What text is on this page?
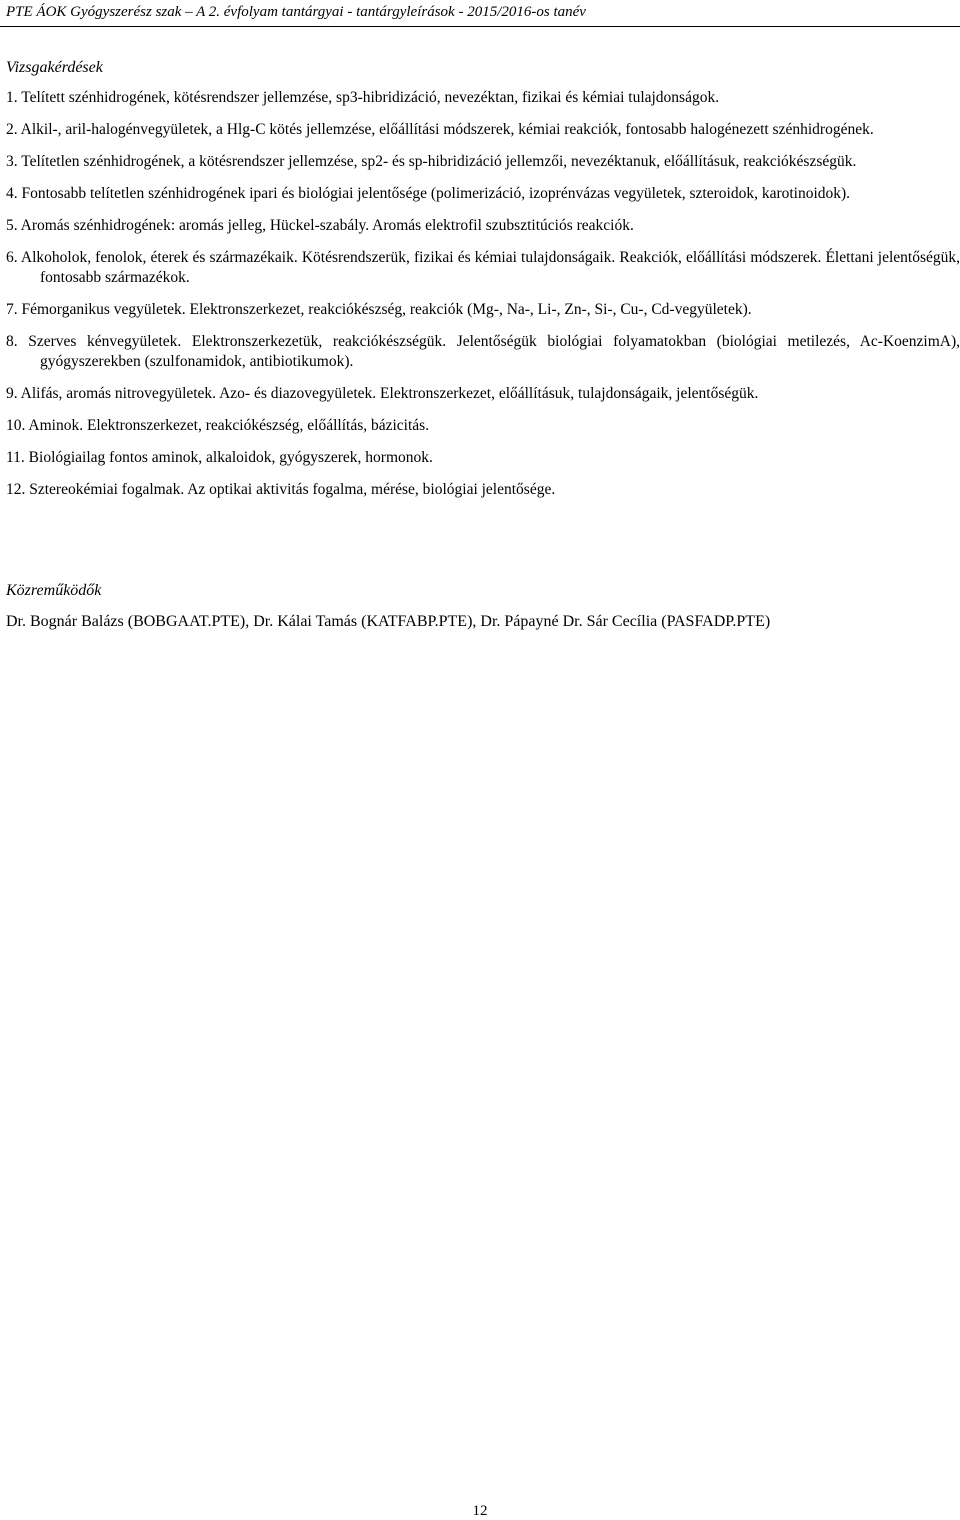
PTE ÁOK Gyógyszerész szak – A 2. évfolyam tantárgyai - tantárgyleírások - 2015/2016-os tanév
Vizsgakérdések

1. Telített szénhidrogének, kötésrendszer jellemzése, sp3-hibridizáció, nevezéktan, fizikai és kémiai tulajdonságok.

2. Alkil-, aril-halogénvegyületek, a Hlg-C kötés jellemzése, előállítási módszerek, kémiai reakciók, fontosabb halogénezett szénhidrogének.

3. Telítetlen szénhidrogének, a kötésrendszer jellemzése, sp2- és sp-hibridizáció jellemzői, nevezéktanuk, előállításuk, reakciókészségük.

4. Fontosabb telítetlen szénhidrogének ipari és biológiai jelentősége (polimerizáció, izoprénvázas vegyületek, szteroidok, karotinoidok).

5. Aromás szénhidrogének: aromás jelleg, Hückel-szabály. Aromás elektrofil szubsztitúciós reakciók.

6. Alkoholok, fenolok, éterek és származékaik. Kötésrendszerük, fizikai és kémiai tulajdonságaik. Reakciók, előállítási módszerek. Élettani jelentőségük, fontosabb származékok.

7. Fémorganikus vegyületek. Elektronszerkezet, reakciókészség, reakciók (Mg-, Na-, Li-, Zn-, Si-, Cu-, Cd-vegyületek).

8. Szerves kénvegyületek. Elektronszerkezetük, reakciókészségük. Jelentőségük biológiai folyamatokban (biológiai metilezés, Ac-KoenzimA), gyógyszerekben (szulfonamidok, antibiotikumok).

9. Alifás, aromás nitrovegyületek. Azo- és diazovegyületek. Elektronszerkezet, előállításuk, tulajdonságaik, jelentőségük.

10. Aminok. Elektronszerkezet, reakciókészség, előállítás, bázicitás.

11. Biológiailag fontos aminok, alkaloidok, gyógyszerek, hormonok.

12. Sztereokémiai fogalmak. Az optikai aktivitás fogalma, mérése, biológiai jelentősége.

Közreműködők
Dr. Bognár Balázs (BOBGAAT.PTE), Dr. Kálai Tamás (KATFABP.PTE), Dr. Pápayné Dr. Sár Cecília (PASFADP.PTE)
12
